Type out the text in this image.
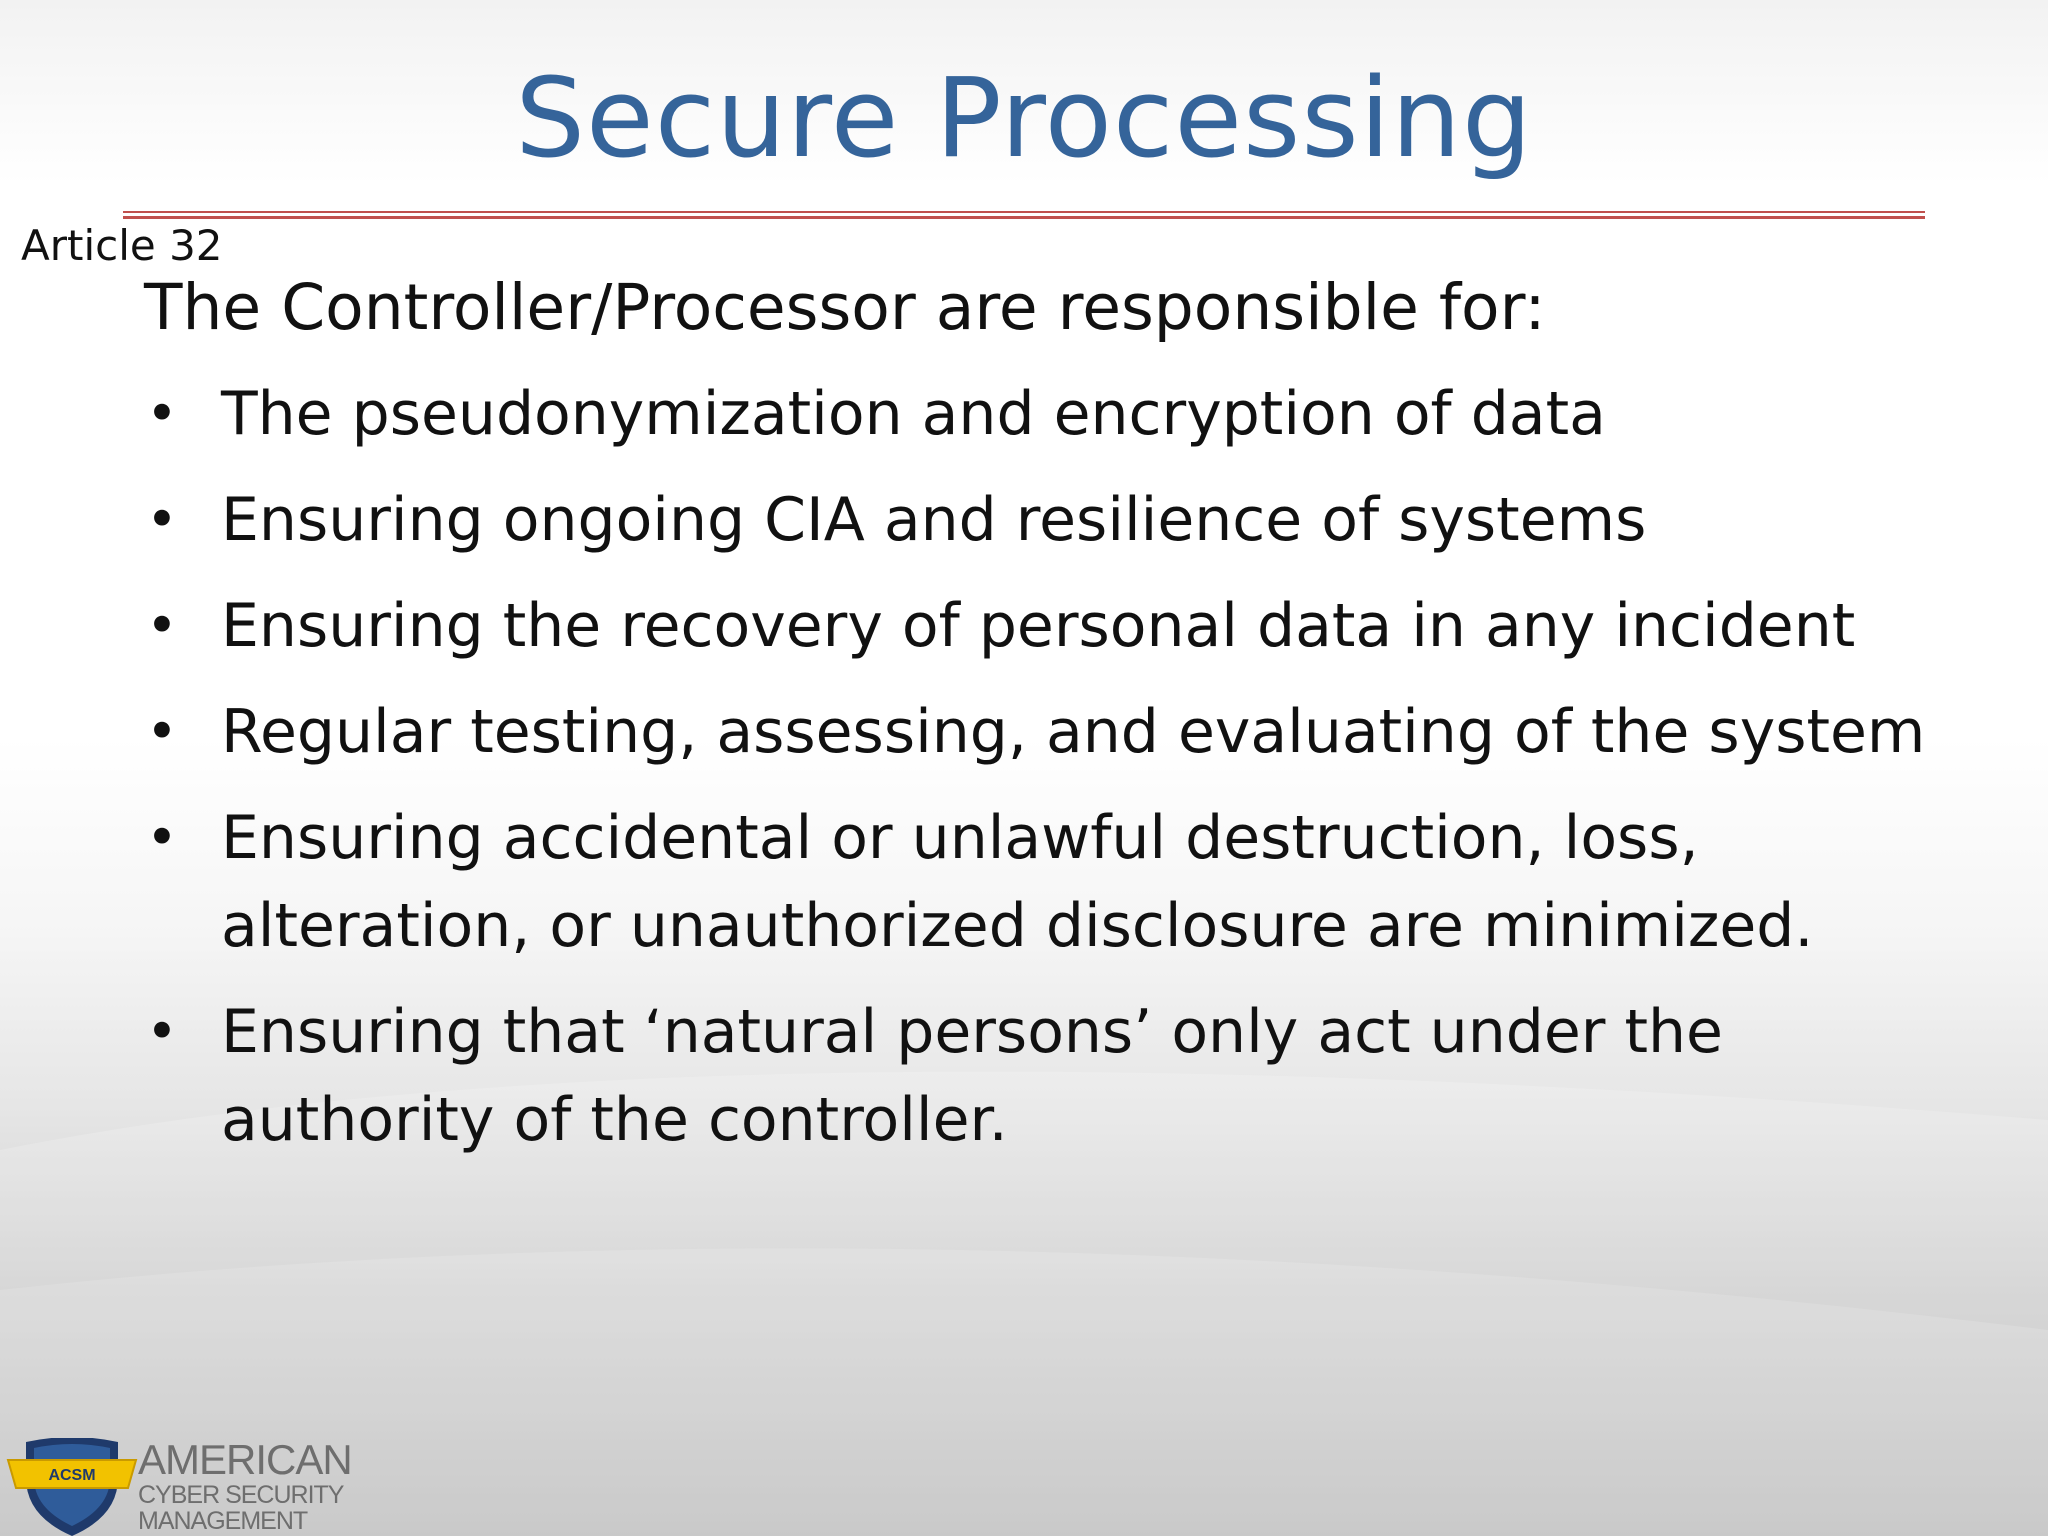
Secure Processing
Article 32
The Controller/Processor are responsible for:
• The pseudonymization and encryption of data
• Ensuring ongoing CIA and resilience of systems
• Ensuring the recovery of personal data in any incident
• Regular testing, assessing, and evaluating of the system
• Ensuring accidental or unlawful destruction, loss, alteration, or unauthorized disclosure are minimized.
• Ensuring that ‘natural persons’ only act under the authority of the controller.
ACSM AMERICAN
CYBER SECURITY
MANAGEMENT
